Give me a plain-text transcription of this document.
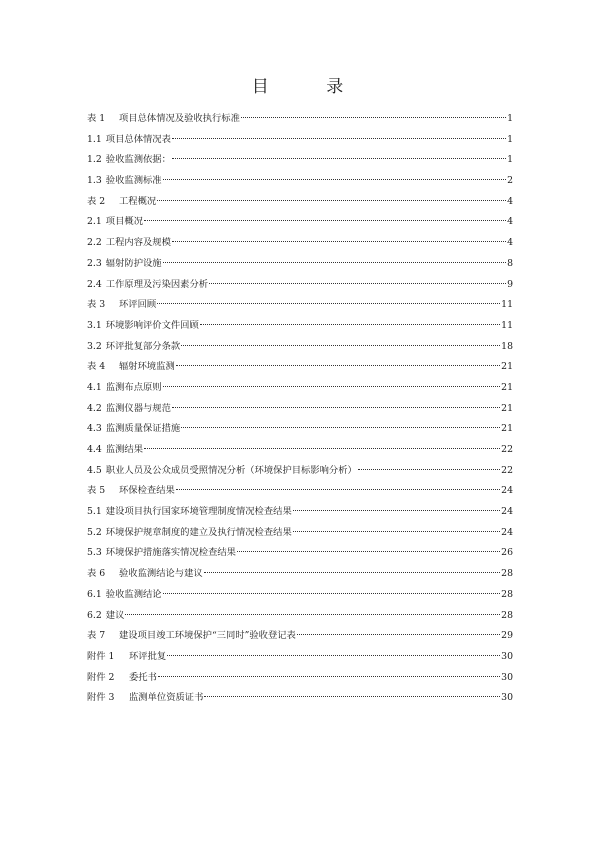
目 录
表 1	项目总体情况及验收执行标准	1
1.1 项目总体情况表	1
1.2 验收监测依据：	1
1.3 验收监测标准	2
表 2	工程概况	4
2.1 项目概况	4
2.2 工程内容及规模	4
2.3 辐射防护设施	8
2.4 工作原理及污染因素分析	9
表 3	环评回顾	11
3.1 环境影响评价文件回顾	11
3.2 环评批复部分条款	18
表 4	辐射环境监测	21
4.1 监测布点原则	21
4.2 监测仪器与规范	21
4.3 监测质量保证措施	21
4.4 监测结果	22
4.5 职业人员及公众成员受照情况分析（环境保护目标影响分析）	22
表 5	环保检查结果	24
5.1 建设项目执行国家环境管理制度情况检查结果	24
5.2 环境保护规章制度的建立及执行情况检查结果	24
5.3 环境保护措施落实情况检查结果	26
表 6	验收监测结论与建议	28
6.1 验收监测结论	28
6.2 建议	28
表 7	建设项目竣工环境保护“三同时”验收登记表	29
附件 1	环评批复	30
附件 2	委托书	30
附件 3	监测单位资质证书	30
